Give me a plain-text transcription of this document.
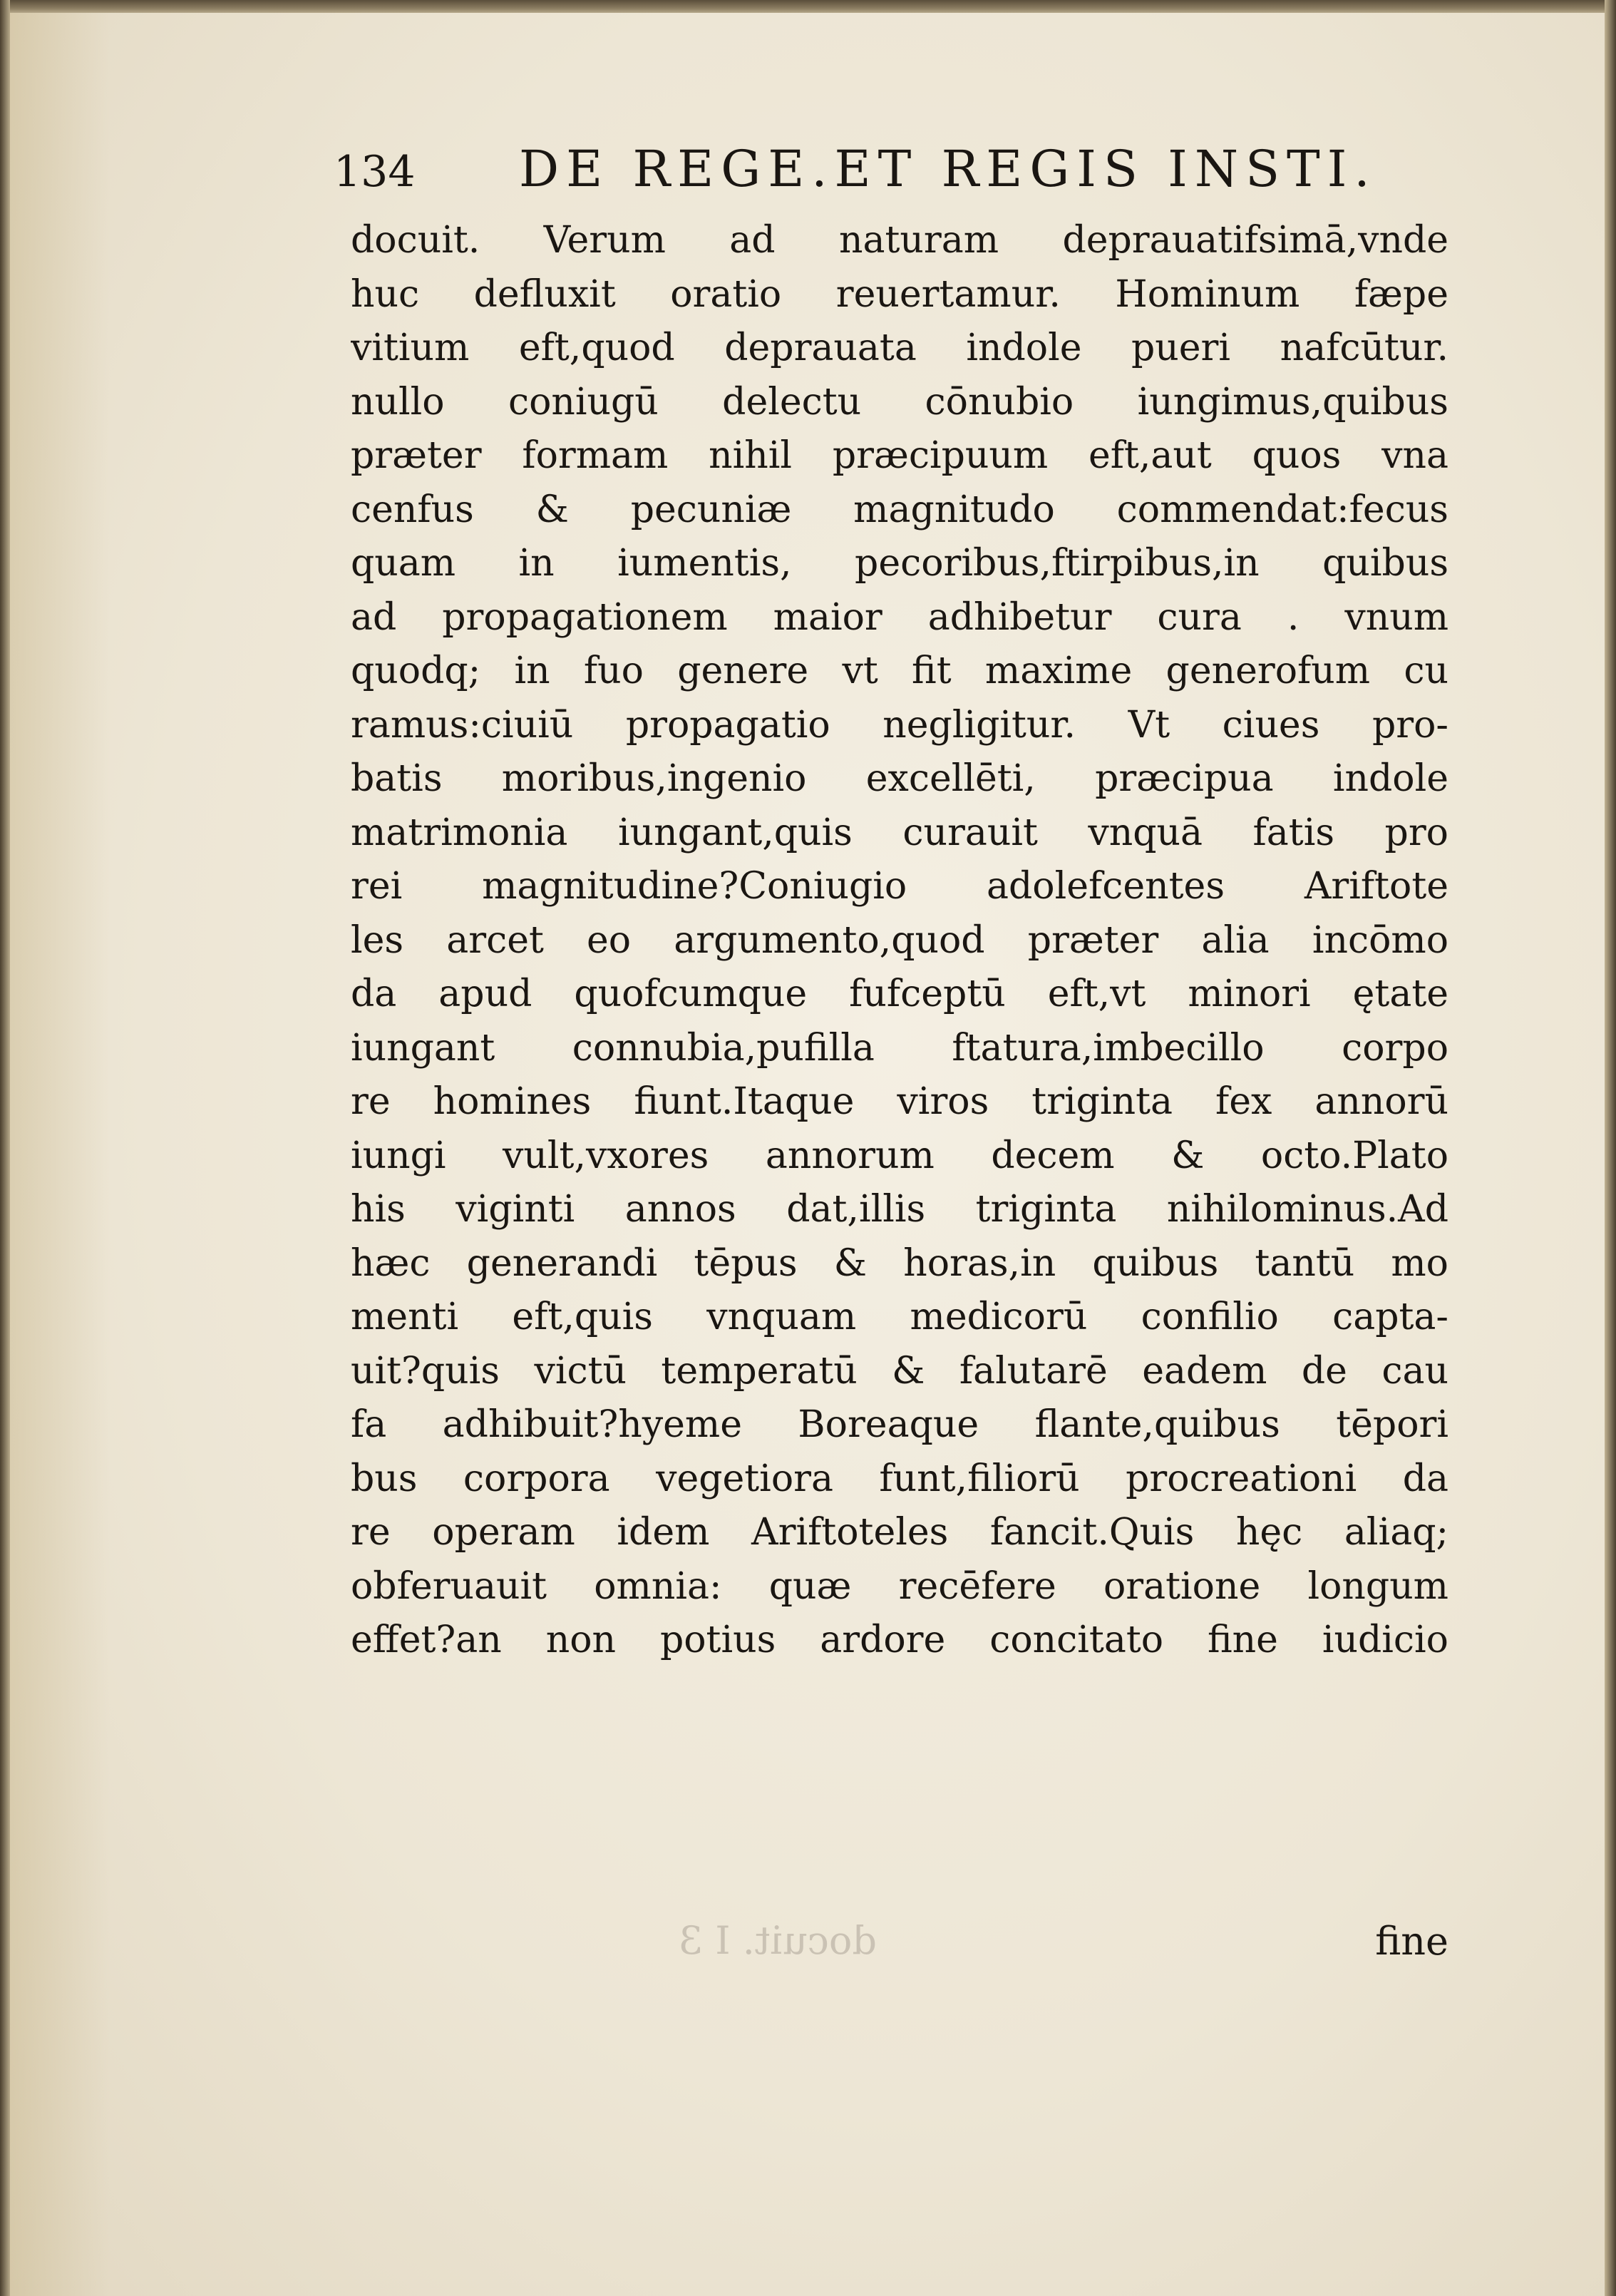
134	DE REGE.ET REGIS INSTI.
docuit. Verum ad naturam deprauatifsimā,vnde
huc defluxit oratio reuertamur. Hominum fæpe
vitium eft,quod deprauata indole pueri nafcūtur.
nullo coniugū delectu cōnubio iungimus,quibus
præter formam nihil præcipuum eft,aut quos vna
cenfus & pecuniæ magnitudo commendat:fecus
quam in iumentis, pecoribus,ftirpibus,in quibus
ad propagationem maior adhibetur cura . vnum
quodq; in fuo genere vt fit maxime generofum cu
ramus:ciuiū propagatio negligitur. Vt ciues pro-
batis moribus,ingenio excellēti, præcipua indole
matrimonia iungant,quis curauit vnquā fatis pro
rei magnitudine?Coniugio adolefcentes Ariftote
les arcet eo argumento,quod præter alia incōmo
da apud quofcumque fufceptū eft,vt minori ętate
iungant connubia,pufilla ftatura,imbecillo corpo
re homines fiunt.Itaque viros triginta fex annorū
iungi vult,vxores annorum decem & octo.Plato
his viginti annos dat,illis triginta nihilominus.Ad
hæc generandi tēpus & horas,in quibus tantū mo
menti eft,quis vnquam medicorū confilio capta-
uit?quis victū temperatū & falutarē eadem de cau
fa adhibuit?hyeme Boreaque flante,quibus tēpori
bus corpora vegetiora funt,filiorū procreationi da
re operam idem Ariftoteles fancit.Quis hęc aliaq;
obferuauit omnia: quæ recēfere oratione longum
effet?an non potius ardore concitato fine iudicio
docuit. I 3	fine
